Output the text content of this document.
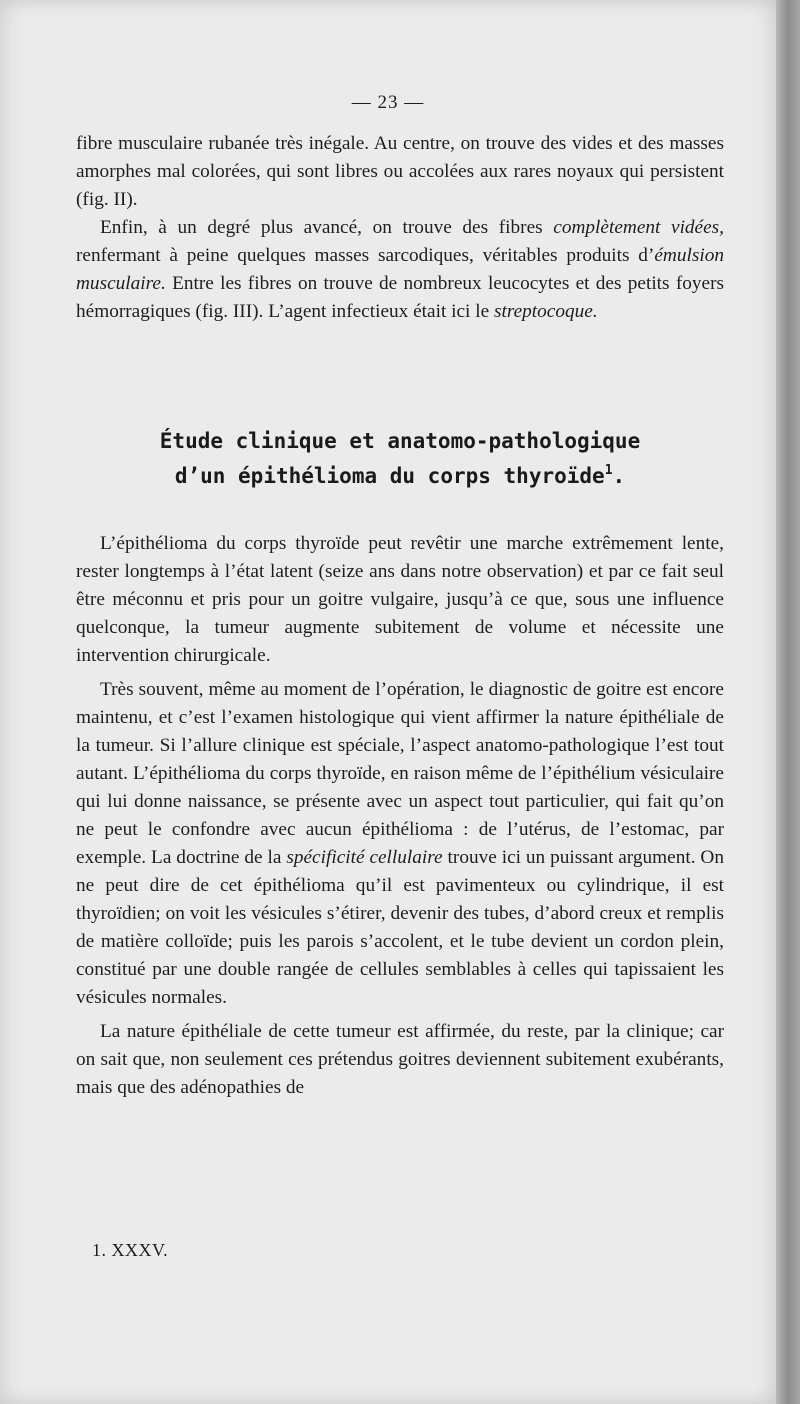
— 23 —

fibre musculaire rubanée très inégale. Au centre, on trouve des vides et des masses amorphes mal colorées, qui sont libres ou accolées aux rares noyaux qui persistent (fig. II).

Enfin, à un degré plus avancé, on trouve des fibres complètement vidées, renfermant à peine quelques masses sarcodiques, véritables produits d’émulsion musculaire. Entre les fibres on trouve de nombreux leucocytes et des petits foyers hémorragiques (fig. III). L’agent infectieux était ici le streptocoque.

Étude clinique et anatomo-pathologique
d’un épithélioma du corps thyroïde$^1$.

L’épithélioma du corps thyroïde peut revêtir une marche extrêmement lente, rester longtemps à l’état latent (seize ans dans notre observation) et par ce fait seul être méconnu et pris pour un goitre vulgaire, jusqu’à ce que, sous une influence quelconque, la tumeur augmente subitement de volume et nécessite une intervention chirurgicale.

Très souvent, même au moment de l’opération, le diagnostic de goitre est encore maintenu, et c’est l’examen histologique qui vient affirmer la nature épithéliale de la tumeur. Si l’allure clinique est spéciale, l’aspect anatomo-pathologique l’est tout autant. L’épithélioma du corps thyroïde, en raison même de l’épithélium vésiculaire qui lui donne naissance, se présente avec un aspect tout particulier, qui fait qu’on ne peut le confondre avec aucun épithélioma : de l’utérus, de l’estomac, par exemple. La doctrine de la spécificité cellulaire trouve ici un puissant argument. On ne peut dire de cet épithélioma qu’il est pavimenteux ou cylindrique, il est thyroïdien; on voit les vésicules s’étirer, devenir des tubes, d’abord creux et remplis de matière colloïde; puis les parois s’accolent, et le tube devient un cordon plein, constitué par une double rangée de cellules semblables à celles qui tapissaient les vésicules normales.

La nature épithéliale de cette tumeur est affirmée, du reste, par la clinique; car on sait que, non seulement ces prétendus goitres deviennent subitement exubérants, mais que des adénopathies de

1. XXXV.
